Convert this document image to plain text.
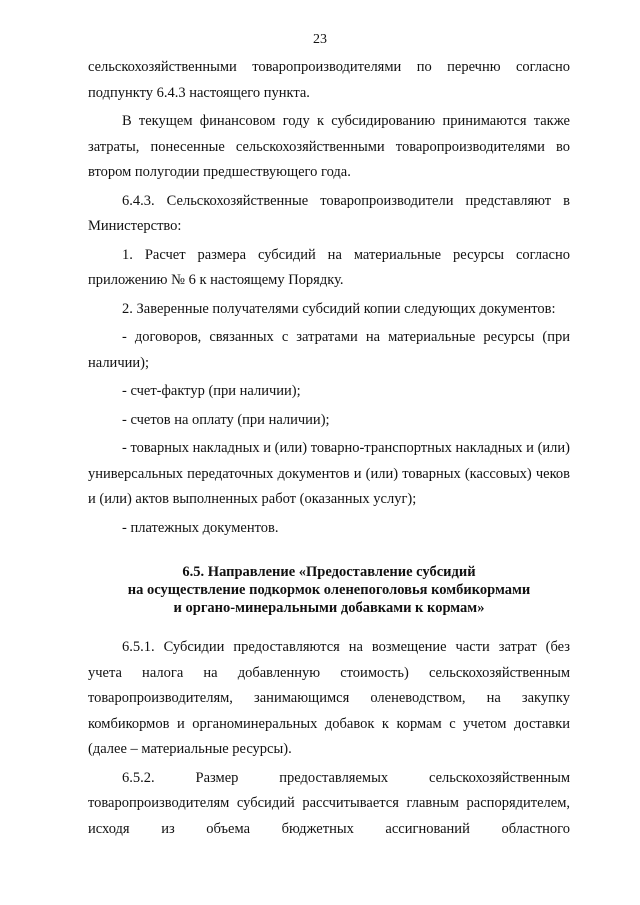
23

сельскохозяйственными товаропроизводителями по перечню согласно подпункту 6.4.3 настоящего пункта.

В текущем финансовом году к субсидированию принимаются также затраты, понесенные сельскохозяйственными товаропроизводителями во втором полугодии предшествующего года.

6.4.3. Сельскохозяйственные товаропроизводители представляют в Министерство:

1. Расчет размера субсидий на материальные ресурсы согласно приложению № 6 к настоящему Порядку.

2. Заверенные получателями субсидий копии следующих документов:

- договоров, связанных с затратами на материальные ресурсы (при наличии);

- счет-фактур (при наличии);

- счетов на оплату (при наличии);

- товарных накладных и (или) товарно-транспортных накладных и (или) универсальных передаточных документов и (или) товарных (кассовых) чеков и (или) актов выполненных работ (оказанных услуг);

- платежных документов.

6.5. Направление «Предоставление субсидий
на осуществление подкормок оленепоголовья комбикормами
и органо-минеральными добавками к кормам»

6.5.1. Субсидии предоставляются на возмещение части затрат (без учета налога на добавленную стоимость) сельскохозяйственным товаропроизводителям, занимающимся оленеводством, на закупку комбикормов и органоминеральных добавок к кормам с учетом доставки (далее – материальные ресурсы).

6.5.2. Размер предоставляемых сельскохозяйственным товаропроизводителям субсидий рассчитывается главным распорядителем, исходя из объема бюджетных ассигнований областного
